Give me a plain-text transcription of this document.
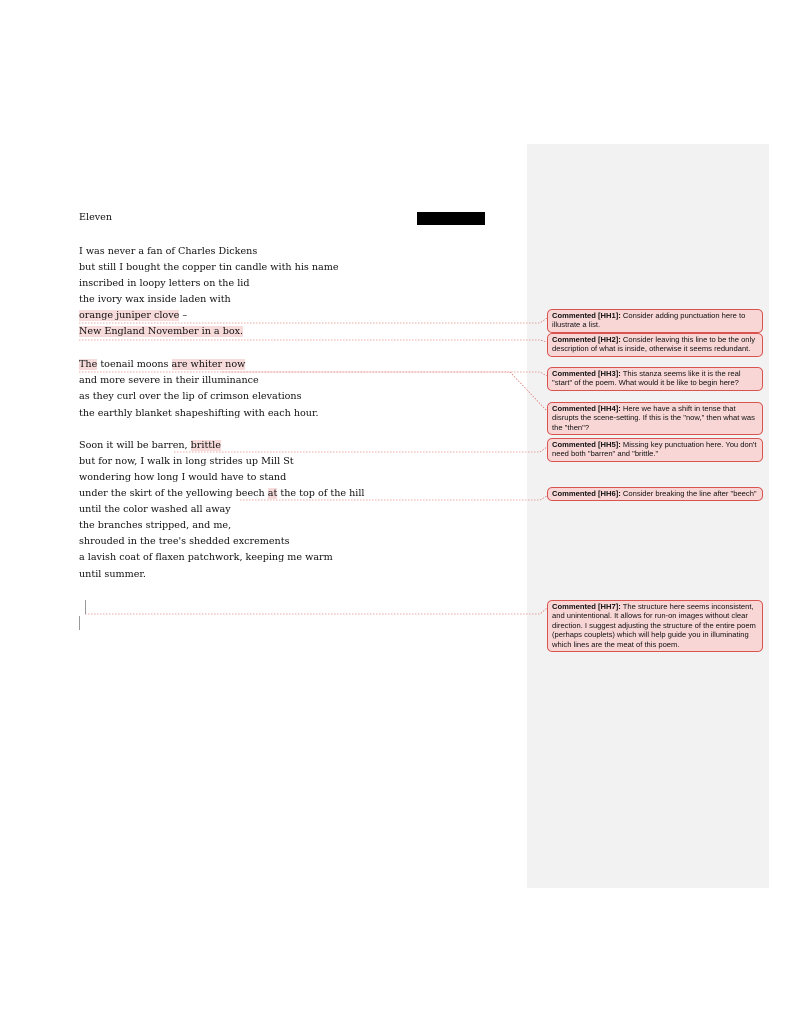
Eleven
I was never a fan of Charles Dickens
but still I bought the copper tin candle with his name
inscribed in loopy letters on the lid
the ivory wax inside laden with
orange juniper clove –
New England November in a box.
The toenail moons are whiter now
and more severe in their illuminance
as they curl over the lip of crimson elevations
the earthly blanket shapeshifting with each hour.
Soon it will be barren, brittle
but for now, I walk in long strides up Mill St
wondering how long I would have to stand
under the skirt of the yellowing beech at the top of the hill
until the color washed all away
the branches stripped, and me,
shrouded in the tree's shedded excrements
a lavish coat of flaxen patchwork, keeping me warm
until summer.
Commented [HH1]: Consider adding punctuation here to illustrate a list.
Commented [HH2]: Consider leaving this line to be the only description of what is inside, otherwise it seems redundant.
Commented [HH3]: This stanza seems like it is the real "start" of the poem. What would it be like to begin here?
Commented [HH4]: Here we have a shift in tense that disrupts the scene-setting. If this is the "now," then what was the "then"?
Commented [HH5]: Missing key punctuation here. You don't need both "barren" and "brittle."
Commented [HH6]: Consider breaking the line after "beech"
Commented [HH7]: The structure here seems inconsistent, and unintentional. It allows for run-on images without clear direction. I suggest adjusting the structure of the entire poem (perhaps couplets) which will help guide you in illuminating which lines are the meat of this poem.
